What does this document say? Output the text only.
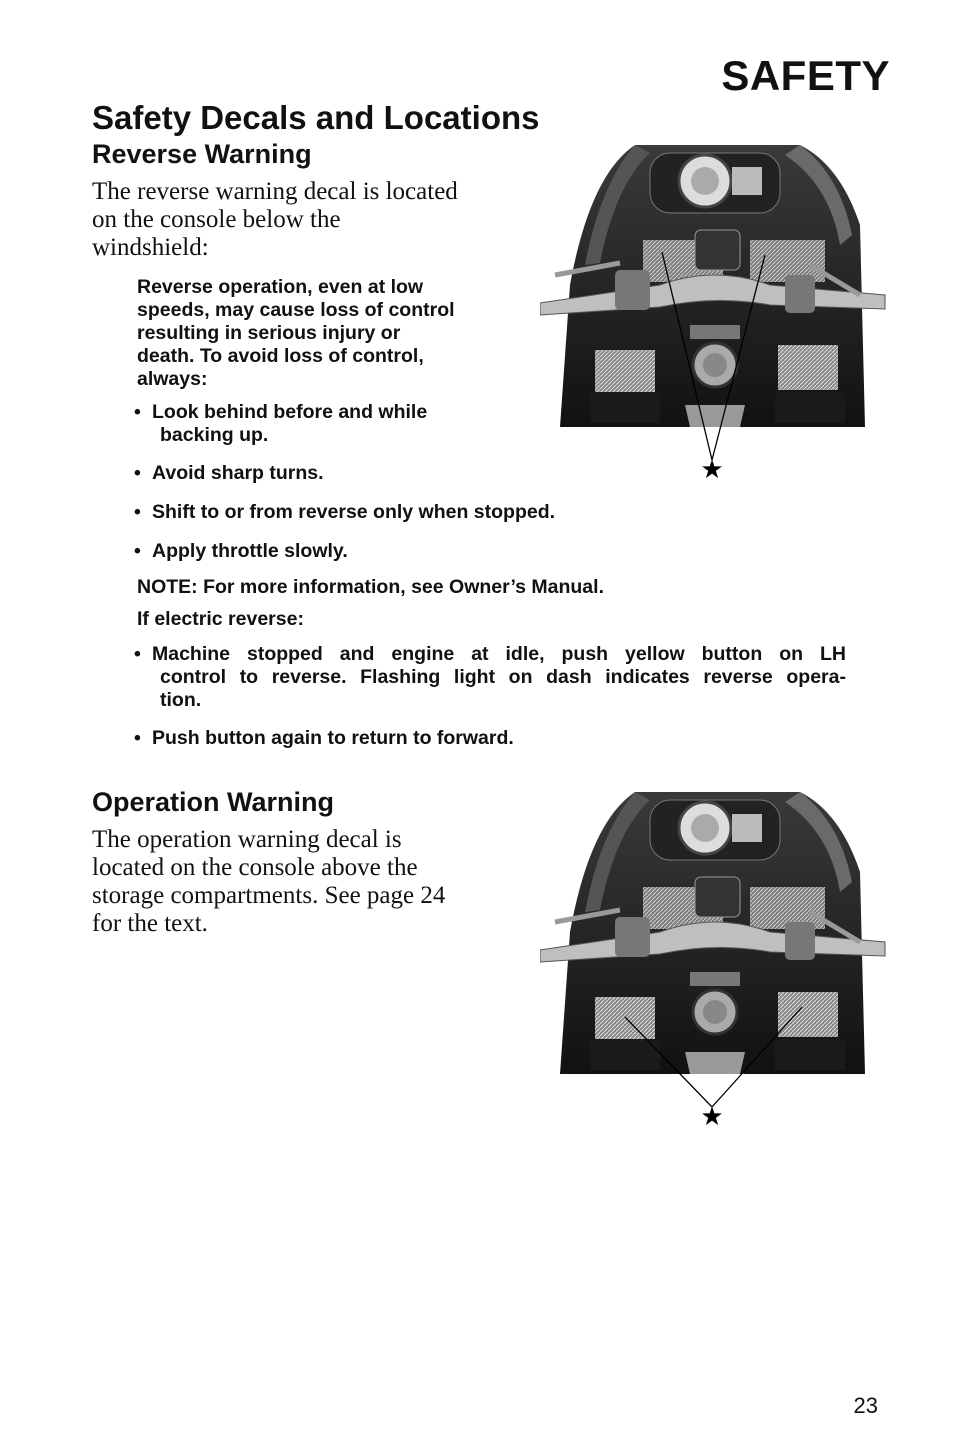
SAFETY
Safety Decals and Locations
Reverse Warning
The reverse warning decal is located
on the console below the
windshield:
Reverse operation, even at low
speeds, may cause loss of control
resulting in serious injury or
death. To avoid loss of control,
always:
• Look behind before and while
backing up.
• Avoid sharp turns.
• Shift to or from reverse only when stopped.
• Apply throttle slowly.
NOTE: For more information, see Owner’s Manual.
If electric reverse:
• Machine stopped and engine at idle, push yellow button on LH
control to reverse. Flashing light on dash indicates reverse opera-
tion.
• Push button again to return to forward.
Operation Warning
The operation warning decal is
located on the console above the
storage compartments. See page 24
for the text.
★
★
23
